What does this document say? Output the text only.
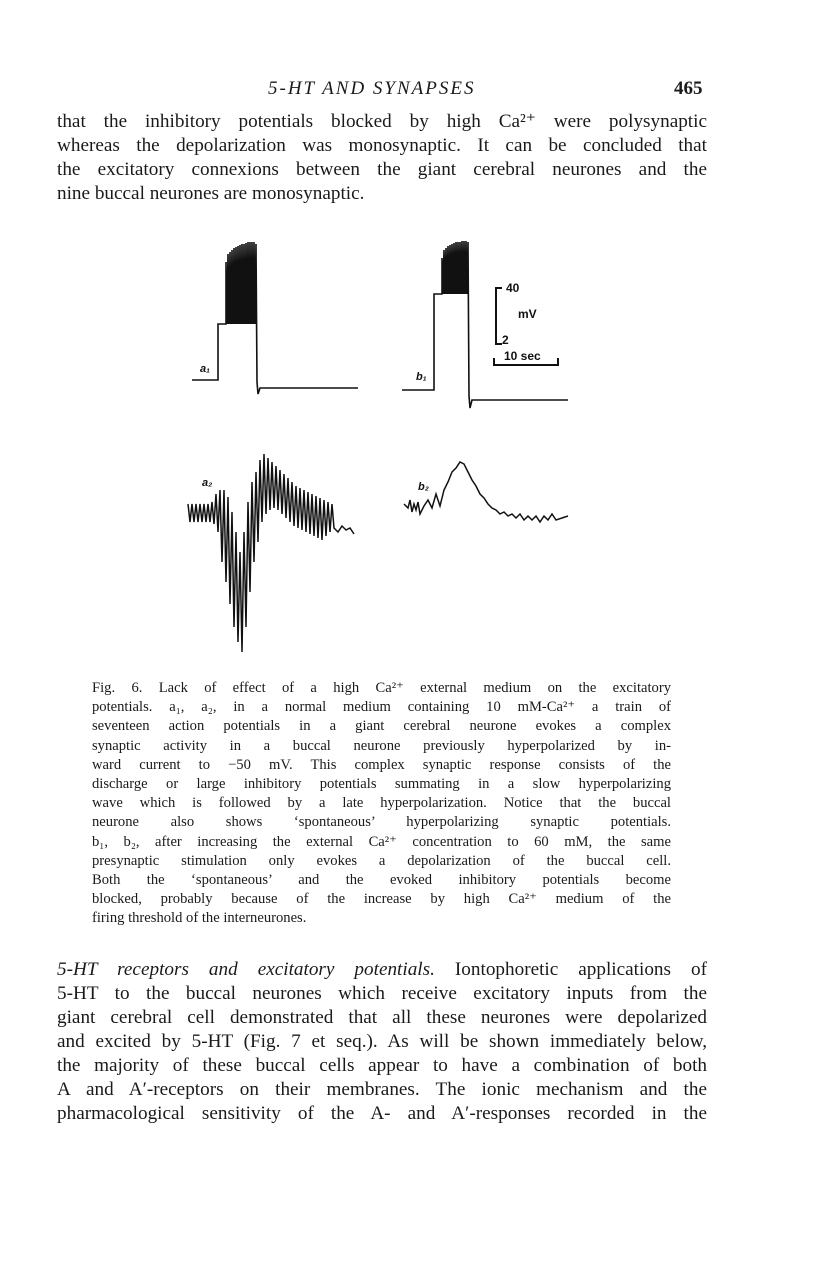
5-HT AND SYNAPSES	465
that the inhibitory potentials blocked by high Ca²⁺ were polysynaptic
whereas the depolarization was monosynaptic. It can be concluded that
the excitatory connexions between the giant cerebral neurones and the
nine buccal neurones are monosynaptic.
a₁
b₁
40
mV
2
10 sec
a₂	b₂
Fig. 6. Lack of effect of a high Ca²⁺ external medium on the excitatory
potentials. a₁, a₂, in a normal medium containing 10 mM-Ca²⁺ a train of
seventeen action potentials in a giant cerebral neurone evokes a complex
synaptic activity in a buccal neurone previously hyperpolarized by in-
ward current to −50 mV. This complex synaptic response consists of the
discharge or large inhibitory potentials summating in a slow hyperpolarizing
wave which is followed by a late hyperpolarization. Notice that the buccal
neurone also shows ‘spontaneous’ hyperpolarizing synaptic potentials.
b₁, b₂, after increasing the external Ca²⁺ concentration to 60 mM, the same
presynaptic stimulation only evokes a depolarization of the buccal cell.
Both the ‘spontaneous’ and the evoked inhibitory potentials become
blocked, probably because of the increase by high Ca²⁺ medium of the
firing threshold of the interneurones.
5-HT receptors and excitatory potentials. Iontophoretic applications of
5-HT to the buccal neurones which receive excitatory inputs from the
giant cerebral cell demonstrated that all these neurones were depolarized
and excited by 5-HT (Fig. 7 et seq.). As will be shown immediately below,
the majority of these buccal cells appear to have a combination of both
A and A′-receptors on their membranes. The ionic mechanism and the
pharmacological sensitivity of the A- and A′-responses recorded in the
